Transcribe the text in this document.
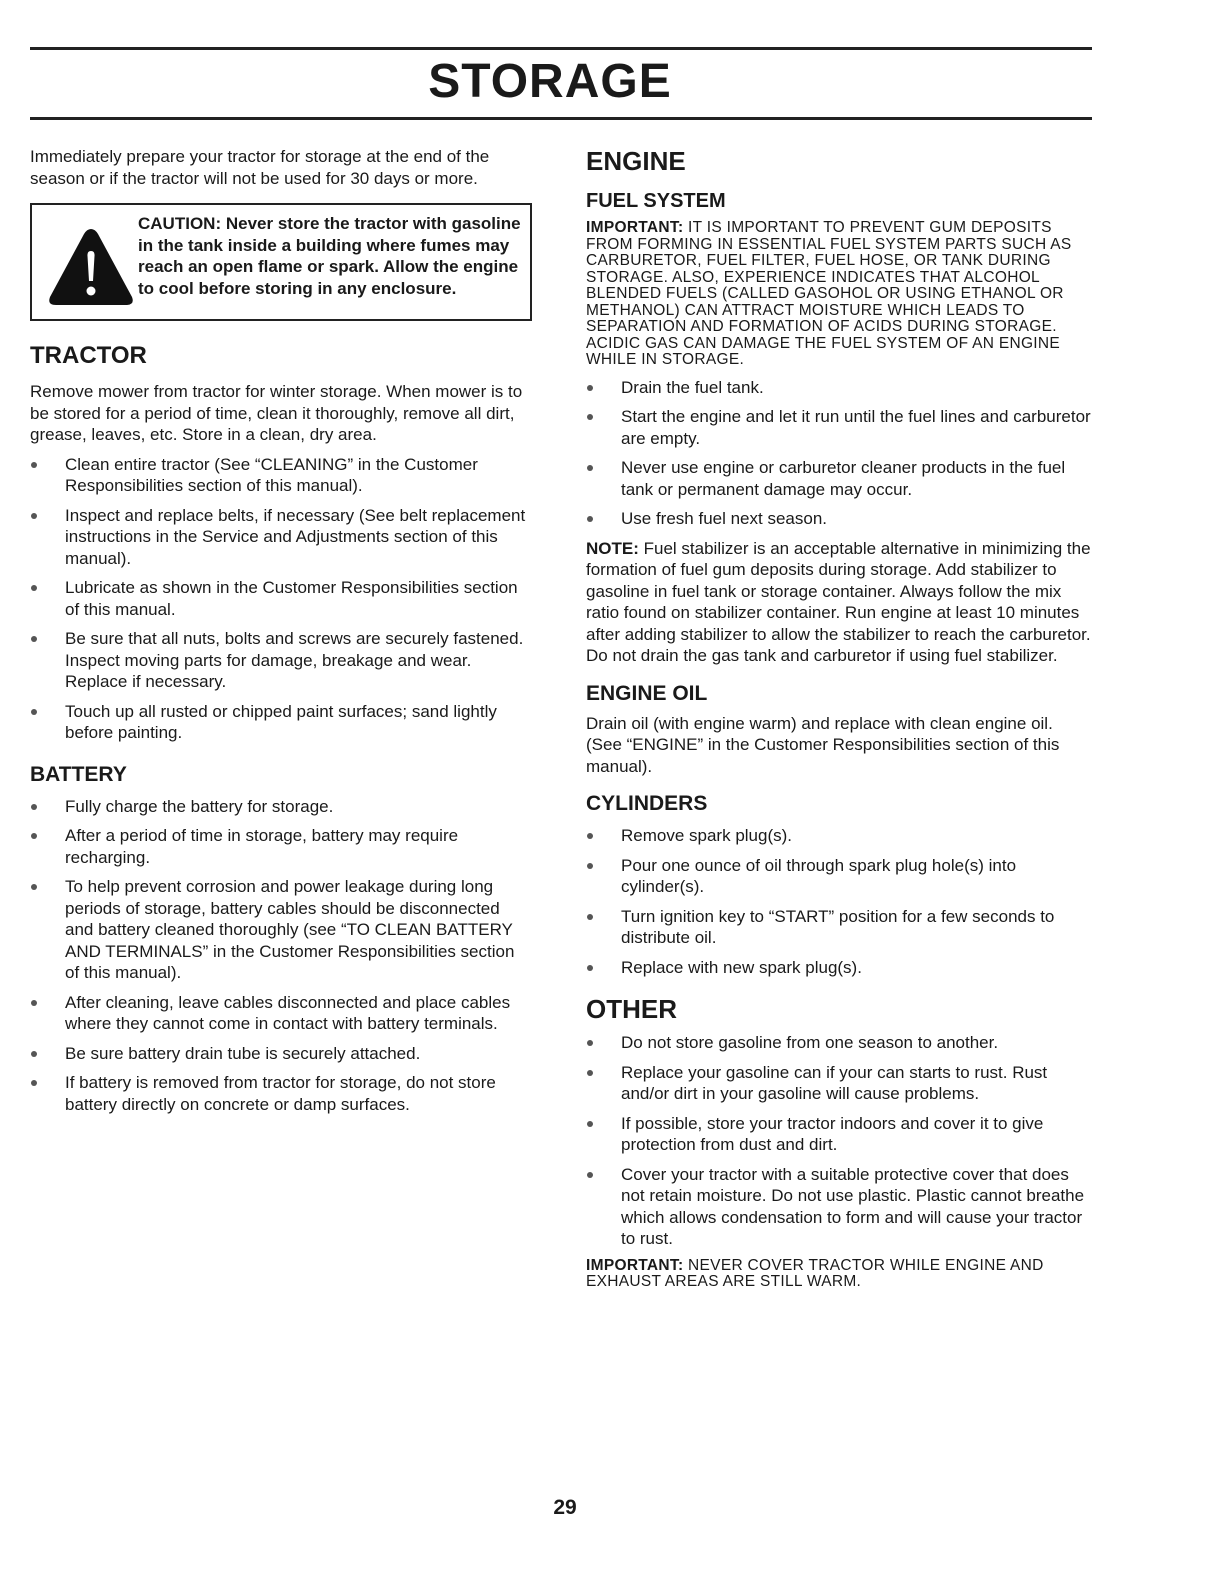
STORAGE

Immediately prepare your tractor for storage at the end of the season or if the tractor will not be used for 30 days or more.

CAUTION: Never store the tractor with gasoline in the tank inside a building where fumes may reach an open flame or spark. Allow the engine to cool before storing in any enclosure.
TRACTOR

Remove mower from tractor for winter storage. When mower is to be stored for a period of time, clean it thoroughly, remove all dirt, grease, leaves, etc. Store in a clean, dry area.

Clean entire tractor (See “CLEANING” in the Customer Responsibilities section of this manual).
Inspect and replace belts, if necessary (See belt replacement instructions in the Service and Adjustments section of this manual).
Lubricate as shown in the Customer Responsibilities section of this manual.
Be sure that all nuts, bolts and screws are securely fastened. Inspect moving parts for damage, breakage and wear. Replace if necessary.
Touch up all rusted or chipped paint surfaces; sand lightly before painting.
BATTERY
Fully charge the battery for storage.
After a period of time in storage, battery may require recharging.
To help prevent corrosion and power leakage during long periods of storage, battery cables should be disconnected and battery cleaned thoroughly (see “TO CLEAN BATTERY AND TERMINALS” in the Customer Responsibilities section of this manual).
After cleaning, leave cables disconnected and place cables where they cannot come in contact with battery terminals.
Be sure battery drain tube is securely attached.
If battery is removed from tractor for storage, do not store battery directly on concrete or damp surfaces.
ENGINE
FUEL SYSTEM

IMPORTANT: IT IS IMPORTANT TO PREVENT GUM DEPOSITS FROM FORMING IN ESSENTIAL FUEL SYSTEM PARTS SUCH AS CARBURETOR, FUEL FILTER, FUEL HOSE, OR TANK DURING STORAGE. ALSO, EXPERIENCE INDICATES THAT ALCOHOL BLENDED FUELS (CALLED GASOHOL OR USING ETHANOL OR METHANOL) CAN ATTRACT MOISTURE WHICH LEADS TO SEPARATION AND FORMATION OF ACIDS DURING STORAGE. ACIDIC GAS CAN DAMAGE THE FUEL SYSTEM OF AN ENGINE WHILE IN STORAGE.

Drain the fuel tank.
Start the engine and let it run until the fuel lines and carburetor are empty.
Never use engine or carburetor cleaner products in the fuel tank or permanent damage may occur.
Use fresh fuel next season.

NOTE: Fuel stabilizer is an acceptable alternative in minimizing the formation of fuel gum deposits during storage. Add stabilizer to gasoline in fuel tank or storage container. Always follow the mix ratio found on stabilizer container. Run engine at least 10 minutes after adding stabilizer to allow the stabilizer to reach the carburetor. Do not drain the gas tank and carburetor if using fuel stabilizer.

ENGINE OIL

Drain oil (with engine warm) and replace with clean engine oil. (See “ENGINE” in the Customer Responsibilities section of this manual).

CYLINDERS
Remove spark plug(s).
Pour one ounce of oil through spark plug hole(s) into cylinder(s).
Turn ignition key to “START” position for a few seconds to distribute oil.
Replace with new spark plug(s).
OTHER
Do not store gasoline from one season to another.
Replace your gasoline can if your can starts to rust. Rust and/or dirt in your gasoline will cause problems.
If possible, store your tractor indoors and cover it to give protection from dust and dirt.
Cover your tractor with a suitable protective cover that does not retain moisture. Do not use plastic. Plastic cannot breathe which allows condensation to form and will cause your tractor to rust.

IMPORTANT: NEVER COVER TRACTOR WHILE ENGINE AND EXHAUST AREAS ARE STILL WARM.

29
